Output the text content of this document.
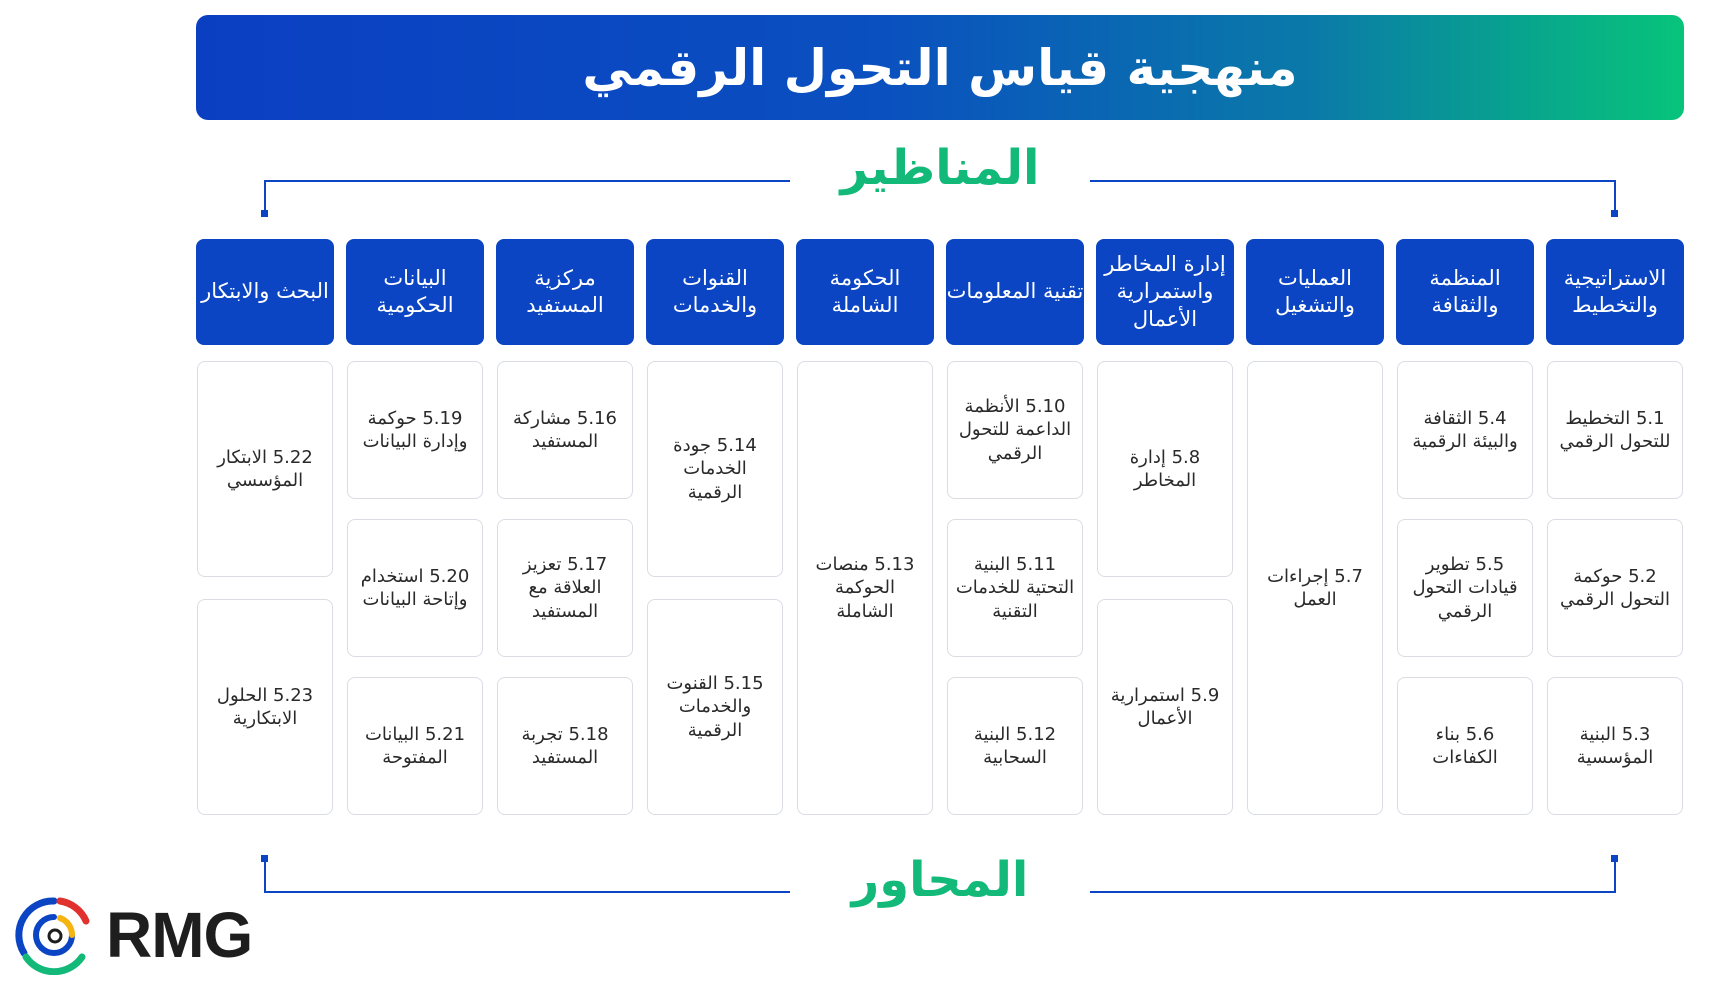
منهجية قياس التحول الرقمي
المناظير
المحاور
الاستراتيجية والتخطيط
المنظمة والثقافة
العمليات والتشغيل
إدارة المخاطر واستمرارية الأعمال
تقنية المعلومات
الحكومة الشاملة
القنوات والخدمات
مركزية المستفيد
البيانات الحكومية
البحث والابتكار
5.1 التخطيط للتحول الرقمي
5.2 حوكمة التحول الرقمي
5.3 البنية المؤسسية
5.4 الثقافة والبيئة الرقمية
5.5 تطوير قيادات التحول الرقمي
5.6 بناء الكفاءات
5.7 إجراءات العمل
5.8 إدارة المخاطر
5.9 استمرارية الأعمال
5.10 الأنظمة الداعمة للتحول الرقمي
5.11 البنية التحتية للخدمات التقنية
5.12 البنية السحابية
5.13 منصات الحوكمة الشاملة
5.14 جودة الخدمات الرقمية
5.15 القنوت والخدمات الرقمية
5.16 مشاركة المستفيد
5.17 تعزيز العلاقة مع المستفيد
5.18 تجربة المستفيد
5.19 حوكمة وإدارة البيانات
5.20 استخدام وإتاحة البيانات
5.21 البيانات المفتوحة
5.22 الابتكار المؤسسي
5.23 الحلول الابتكارية
RMG
